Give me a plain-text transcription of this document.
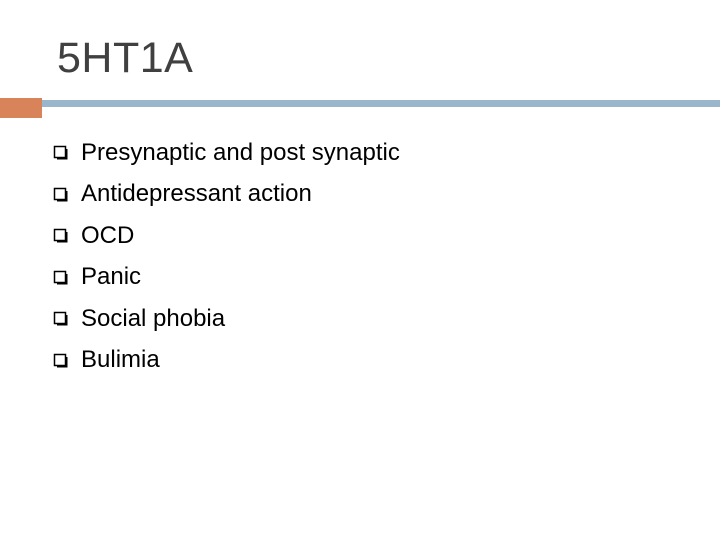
5HT1A
Presynaptic and post synaptic
Antidepressant action
OCD
Panic
Social phobia
Bulimia
